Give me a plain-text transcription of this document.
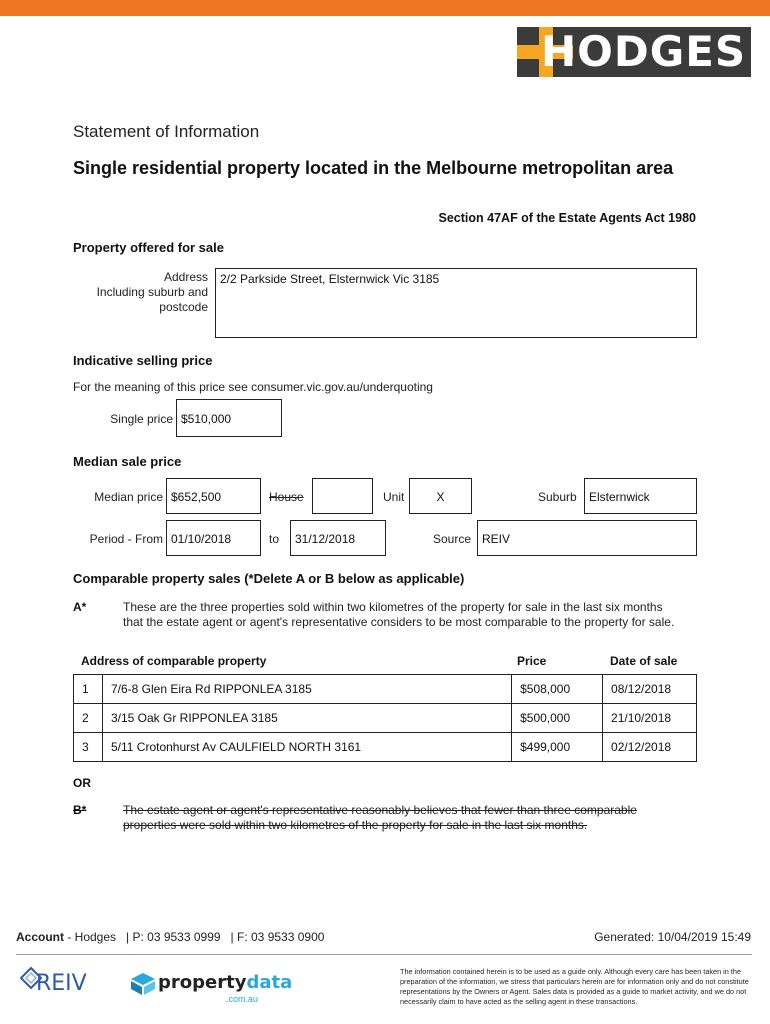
HODGES
Statement of Information
Single residential property located in the Melbourne metropolitan area
Section 47AF of the Estate Agents Act 1980
Property offered for sale
Address
Including suburb and
postcode
2/2 Parkside Street, Elsternwick Vic 3185
Indicative selling price
For the meaning of this price see consumer.vic.gov.au/underquoting
Single price $510,000
Median sale price
Median price $652,500	House	Unit	X	Suburb	Elsternwick
Period - From 01/10/2018	to	31/12/2018	Source REIV
Comparable property sales (*Delete A or B below as applicable)
A*	These are the three properties sold within two kilometres of the property for sale in the last six months that the estate agent or agent's representative considers to be most comparable to the property for sale.
Address of comparable property	Price	Date of sale
1	7/6-8 Glen Eira Rd RIPPONLEA 3185	$508,000	08/12/2018
2	3/15 Oak Gr RIPPONLEA 3185	$500,000	21/10/2018
3	5/11 Crotonhurst Av CAULFIELD NORTH 3161	$499,000	02/12/2018
OR
B*	The estate agent or agent's representative reasonably believes that fewer than three comparable properties were sold within two kilometres of the property for sale in the last six months.
Account - Hodges   | P: 03 9533 0999   | F: 03 9533 0900	Generated: 10/04/2019 15:49
REIV	propertydata
.com.au
The information contained herein is to be used as a guide only. Although every care has been taken in the preparation of the information, we stress that particulars herein are for information only and do not constitute representations by the Owners or Agent. Sales data is provided as a guide to market activity, and we do not necessarily claim to have acted as the selling agent in these transactions.
